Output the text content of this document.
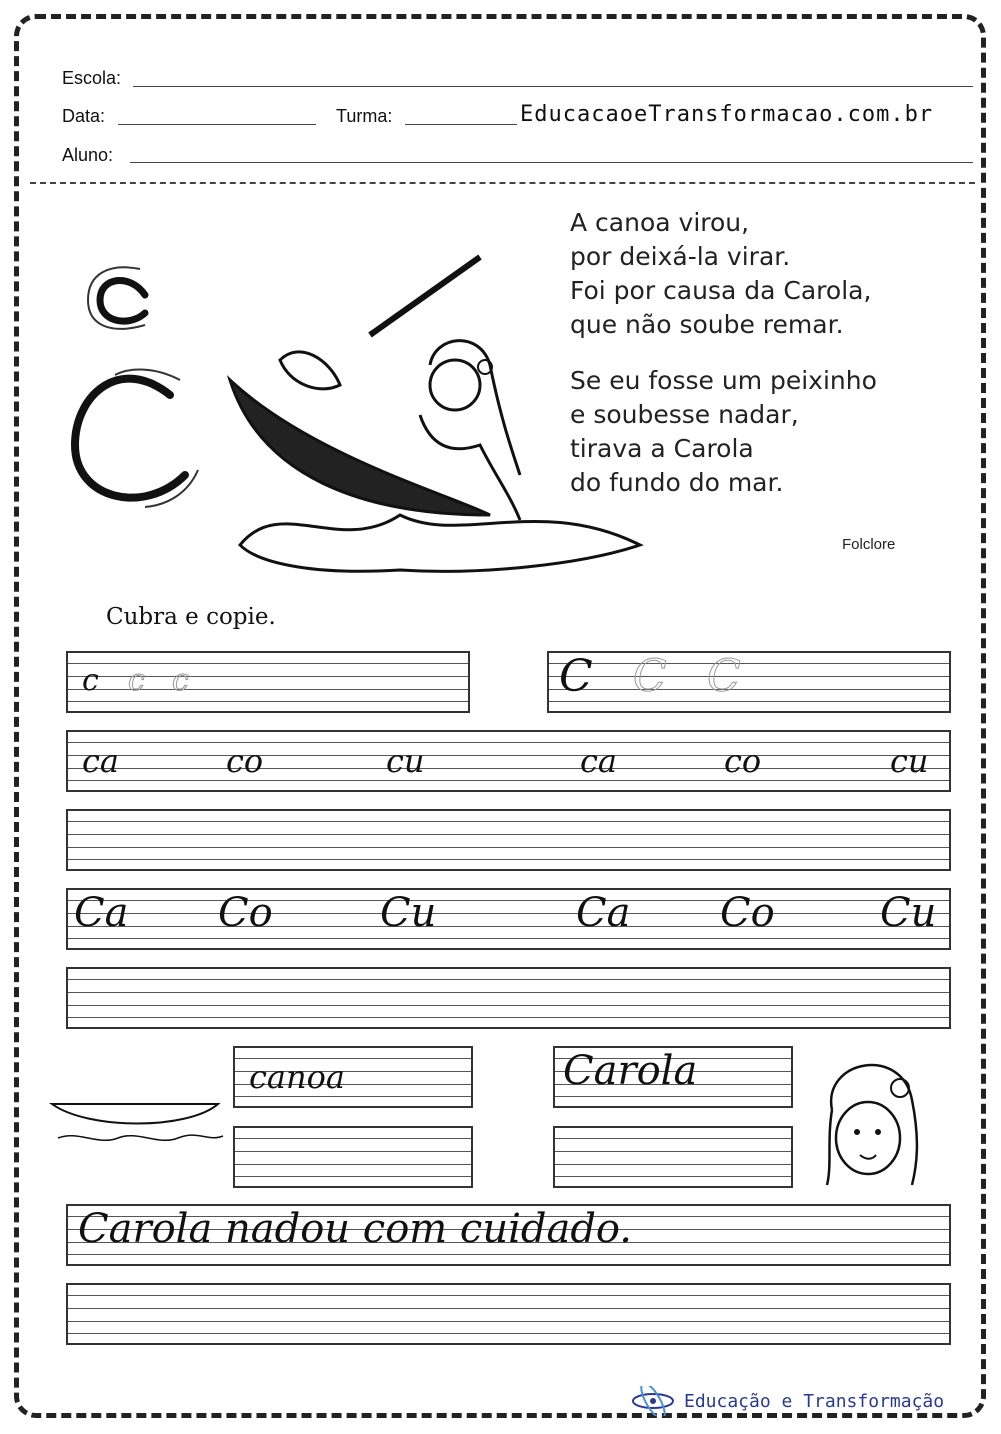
Escola:
Data:	Turma:	EducacaoeTransformacao.com.br
Aluno:
A canoa virou,
por deixá-la virar.
Foi por causa da Carola,
que não soube remar.
Se eu fosse um peixinho
e soubesse nadar,
tirava a Carola
do fundo do mar.
Folclore
Cubra e copie.
c c c	C C C
ca	co	cu	ca	co	cu
Ca Co	Cu	Ca Co	Cu
canoa	Carola
Carola nadou com cuidado.
Educação e Transformação
